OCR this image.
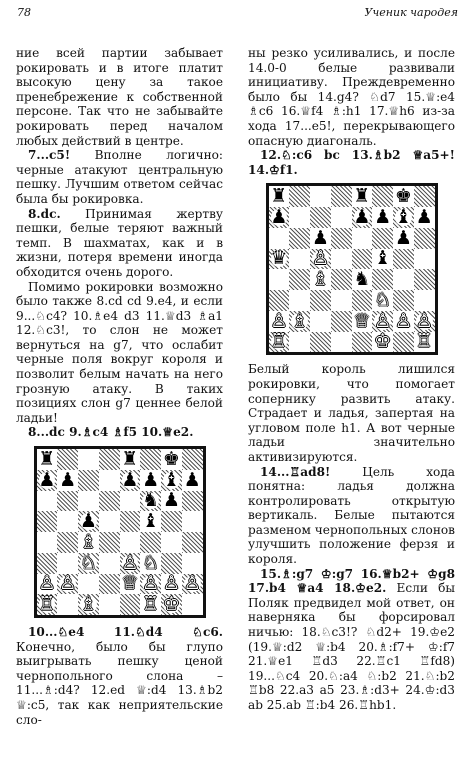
78	Ученик чародея

ние всей партии забывает рокировать и в итоге платит высокую цену за такое пренебрежение к собственной персоне. Так что не забывайте рокировать перед началом любых действий в центре.

7...c5! Вполне логично: черные атакуют центральную пешку. Лучшим ответом сейчас была бы рокировка.

8.dc. Принимая жертву пешки, белые теряют важный темп. В шахматах, как и в жизни, потеря времени иногда обходится очень дорого.

Помимо рокировки возможно было также 8.cd cd 9.e4, и если 9...♘c4? 10.♗e4 d3 11.♕d3 ♗a1 12.♘c3!, то слон не может вернуться на g7, что ослабит черные поля вокруг короля и позволит белым начать на него грозную атаку. В таких позициях слон g7 ценнее белой ладьи!

8...dc 9.♗c4 ♗f5 10.♕e2.

♜	♜ ♚
♟ ♟ ♟ ♟ ♝ ♟
♞ ♟
♟ ♝
♗
♘ ♙ ♘
♙ ♙ ♕ ♙ ♙ ♙
♖ ♗ ♖ ♔

10...♘e4 11.♘d4 ♘c6. Конечно, было бы глупо выигрывать пешку ценой чернопольного слона – 11...♗:d4? 12.ed ♕:d4 13.♗b2 ♕:c5, так как неприятельские сло-

ны резко усиливались, и после 14.0-0 белые развивали инициативу. Преждевременно было бы 14.g4? ♘d7 15.♕:e4 ♗c6 16.♕f4 ♗:h1 17.♕h6 из-за хода 17...e5!, перекрывающего опасную диагональ.

12.♘:c6 bc 13.♗b2 ♕a5+! 14.♔f1.

♜	♜ ♚
♟	♟ ♟ ♝ ♟
♟	♟
♛ ♙ ♝
♗ ♞
♘
♙ ♗ ♕ ♙ ♙ ♙
♖	♔ ♖

Белый король лишился рокировки, что помогает сопернику развить атаку. Страдает и ладья, запертая на угловом поле h1. А вот черные ладьи значительно активизируются.

14...♖ad8! Цель хода понятна: ладья должна контролировать открытую вертикаль. Белые пытаются разменом чернопольных слонов улучшить положение ферзя и короля.

15.♗:g7 ♔:g7 16.♕b2+ ♔g8 17.b4 ♕a4 18.♔e2. Если бы Поляк предвидел мой ответ, он наверняка бы форсировал ничью: 18.♘c3!? ♘d2+ 19.♔e2 (19.♕:d2 ♕:b4 20.♗:f7+ ♔:f7 21.♕e1 ♖d3 22.♖c1 ♖fd8) 19...♘c4 20.♘:a4 ♘:b2 21.♘:b2 ♖b8 22.a3 a5 23.♗:d3+ 24.♔:d3 ab 25.ab ♖:b4 26.♖hb1.
